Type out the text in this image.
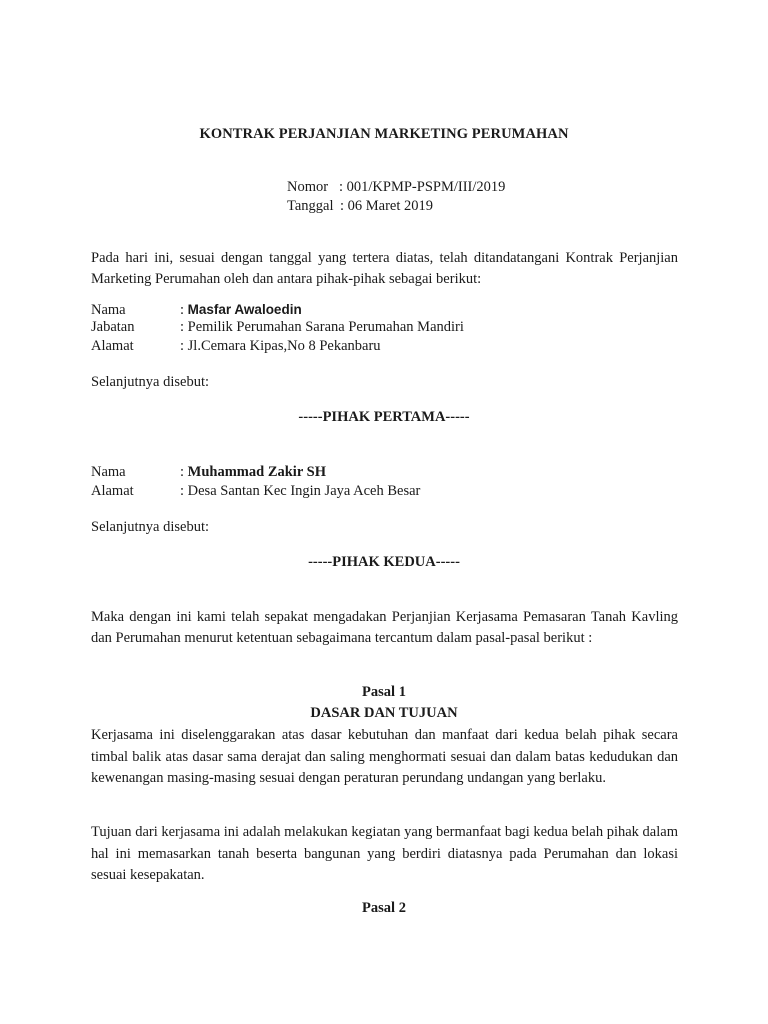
KONTRAK PERJANJIAN MARKETING PERUMAHAN
Nomor : 001/KPMP-PSPM/III/2019
Tanggal : 06 Maret 2019
Pada hari ini, sesuai dengan tanggal yang tertera diatas, telah ditandatangani Kontrak Perjanjian Marketing Perumahan oleh dan antara pihak-pihak sebagai berikut:
Nama	: Masfar Awaloedin
Jabatan	: Pemilik Perumahan Sarana Perumahan Mandiri
Alamat	: Jl.Cemara Kipas,No 8 Pekanbaru
Selanjutnya disebut:
-----PIHAK PERTAMA-----
Nama	: Muhammad Zakir SH
Alamat	: Desa Santan Kec Ingin Jaya Aceh Besar
Selanjutnya disebut:
-----PIHAK KEDUA-----
Maka dengan ini kami telah sepakat mengadakan Perjanjian Kerjasama Pemasaran Tanah Kavling dan Perumahan menurut ketentuan sebagaimana tercantum dalam pasal-pasal berikut :
Pasal 1
DASAR DAN TUJUAN
Kerjasama ini diselenggarakan atas dasar kebutuhan dan manfaat dari kedua belah pihak secara timbal balik atas dasar sama derajat dan saling menghormati sesuai dan dalam batas kedudukan dan kewenangan masing-masing sesuai dengan peraturan perundang undangan yang berlaku.
Tujuan dari kerjasama ini adalah melakukan kegiatan yang bermanfaat bagi kedua belah pihak dalam hal ini memasarkan tanah beserta bangunan yang berdiri diatasnya pada Perumahan dan lokasi sesuai kesepakatan.
Pasal 2
